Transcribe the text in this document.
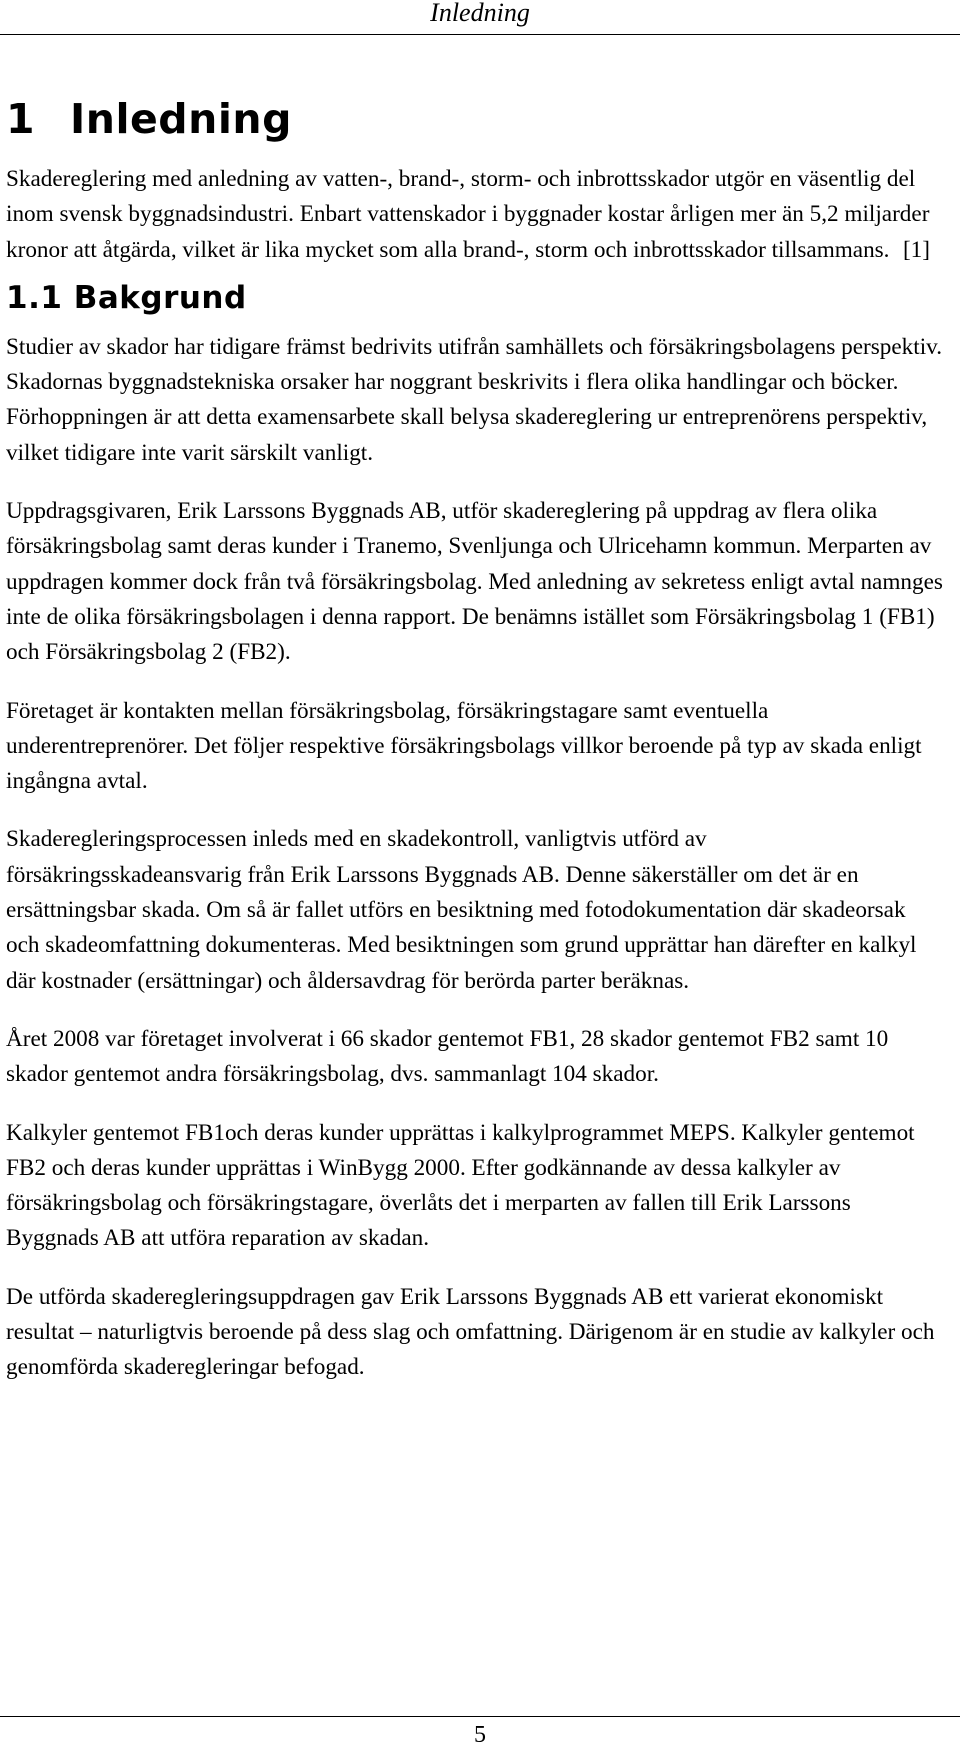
Inledning
1 Inledning

Skadereglering med anledning av vatten-, brand-, storm- och inbrottsskador utgör en väsentlig del inom svensk byggnadsindustri. Enbart vattenskador i byggnader kostar årligen mer än 5,2 miljarder kronor att åtgärda, vilket är lika mycket som alla brand-, storm och inbrottsskador tillsammans. [1]

1.1 Bakgrund

Studier av skador har tidigare främst bedrivits utifrån samhällets och försäkringsbolagens perspektiv. Skadornas byggnadstekniska orsaker har noggrant beskrivits i flera olika handlingar och böcker. Förhoppningen är att detta examensarbete skall belysa skadereglering ur entreprenörens perspektiv, vilket tidigare inte varit särskilt vanligt.

Uppdragsgivaren, Erik Larssons Byggnads AB, utför skadereglering på uppdrag av flera olika försäkringsbolag samt deras kunder i Tranemo, Svenljunga och Ulricehamn kommun. Merparten av uppdragen kommer dock från två försäkringsbolag. Med anledning av sekretess enligt avtal namnges inte de olika försäkringsbolagen i denna rapport. De benämns istället som Försäkringsbolag 1 (FB1) och Försäkringsbolag 2 (FB2).

Företaget är kontakten mellan försäkringsbolag, försäkringstagare samt eventuella underentreprenörer. Det följer respektive försäkringsbolags villkor beroende på typ av skada enligt ingångna avtal.

Skaderegleringsprocessen inleds med en skadekontroll, vanligtvis utförd av försäkringsskadeansvarig från Erik Larssons Byggnads AB. Denne säkerställer om det är en ersättningsbar skada. Om så är fallet utförs en besiktning med fotodokumentation där skadeorsak och skadeomfattning dokumenteras. Med besiktningen som grund upprättar han därefter en kalkyl där kostnader (ersättningar) och åldersavdrag för berörda parter beräknas.

Året 2008 var företaget involverat i 66 skador gentemot FB1, 28 skador gentemot FB2 samt 10 skador gentemot andra försäkringsbolag, dvs. sammanlagt 104 skador.

Kalkyler gentemot FB1och deras kunder upprättas i kalkylprogrammet MEPS. Kalkyler gentemot FB2 och deras kunder upprättas i WinBygg 2000. Efter godkännande av dessa kalkyler av försäkringsbolag och försäkringstagare, överlåts det i merparten av fallen till Erik Larssons Byggnads AB att utföra reparation av skadan.

De utförda skaderegleringsuppdragen gav Erik Larssons Byggnads AB ett varierat ekonomiskt resultat – naturligtvis beroende på dess slag och omfattning. Därigenom är en studie av kalkyler och genomförda skaderegleringar befogad.

5
